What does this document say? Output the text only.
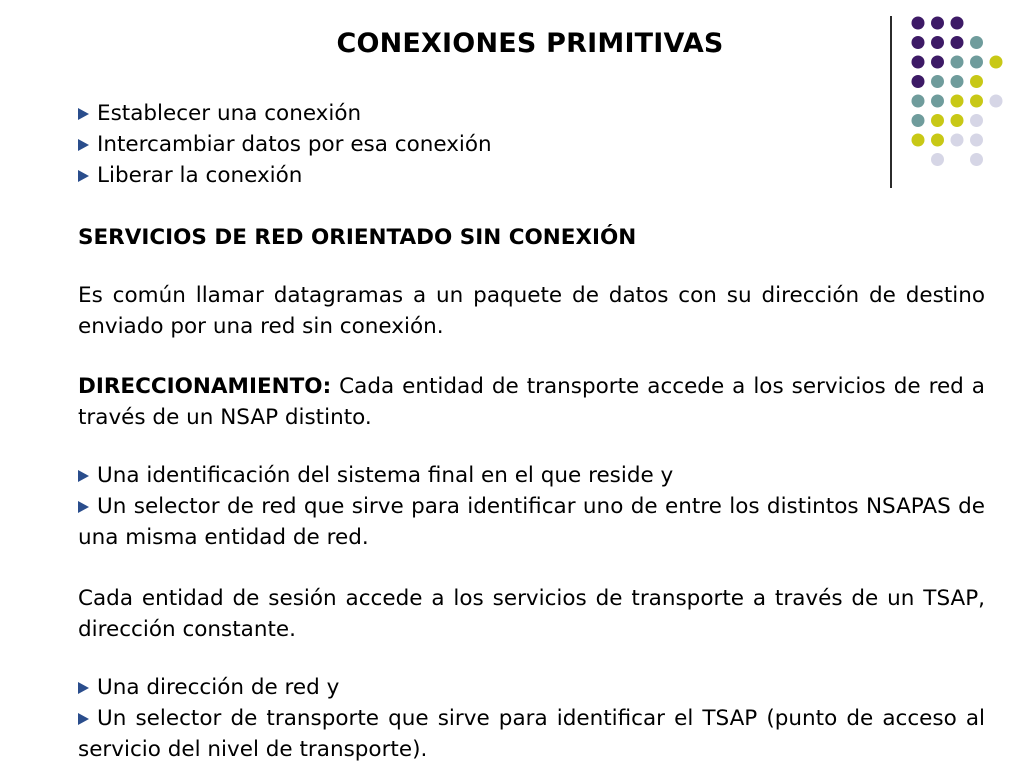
CONEXIONES PRIMITIVAS
Establecer una conexión
Intercambiar datos por esa conexión
Liberar la conexión
SERVICIOS DE RED ORIENTADO SIN CONEXIÓN
Es común llamar datagramas a un paquete de datos con su dirección de destino enviado por una red sin conexión.
DIRECCIONAMIENTO: Cada entidad de transporte accede a los servicios de red a través de un NSAP distinto.
Una identificación del sistema final en el que reside y
Un selector de red que sirve para identificar uno de entre los distintos NSAPAS de una misma entidad de red.
Cada entidad de sesión accede a los servicios de transporte a través de un TSAP, dirección constante.
Una dirección de red y
Un selector de transporte que sirve para identificar el TSAP (punto de acceso al servicio del nivel de transporte).
